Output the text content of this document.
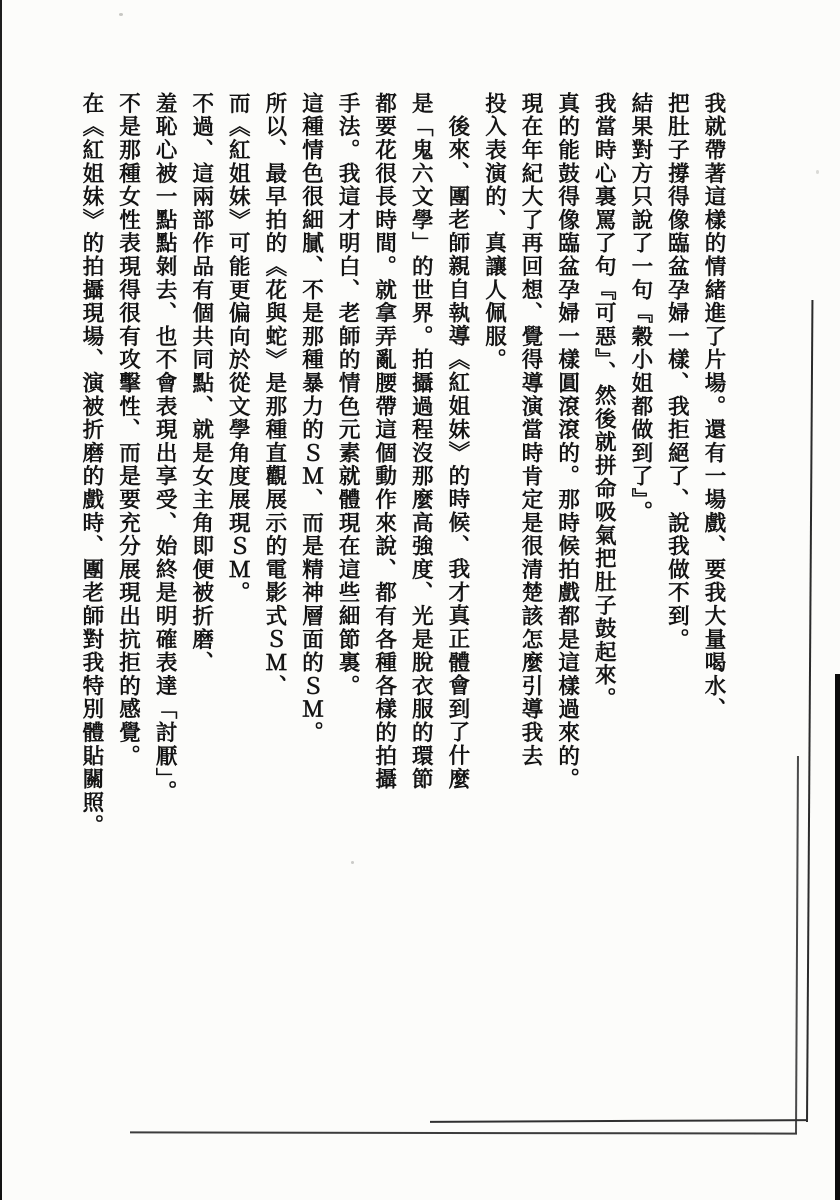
我就帶著這樣的情緒進了片場。還有一場戲、要我大量喝水、
把肚子撐得像臨盆孕婦一樣、我拒絕了、說我做不到。
結果對方只說了一句『穀小姐都做到了』。
我當時心裏罵了句『可惡』、然後就拼命吸氣把肚子鼓起來。
真的能鼓得像臨盆孕婦一樣圓滾滾的。那時候拍戲都是這樣過來的。
現在年紀大了再回想、覺得導演當時肯定是很清楚該怎麼引導我去
投入表演的、真讓人佩服。
後來、團老師親自執導《紅姐妹》的時候、我才真正體會到了什麼
是「鬼六文學」的世界。拍攝過程沒那麼高強度、光是脫衣服的環節
都要花很長時間。就拿弄亂腰帶這個動作來說、都有各種各樣的拍攝
手法。我這才明白、老師的情色元素就體現在這些細節裏。
這種情色很細膩、不是那種暴力的ＳＭ、而是精神層面的ＳＭ。
所以、最早拍的《花與蛇》是那種直觀展示的電影式ＳＭ、
而《紅姐妹》可能更偏向於從文學角度展現ＳＭ。
不過、這兩部作品有個共同點、就是女主角即便被折磨、
羞恥心被一點點剝去、也不會表現出享受、始終是明確表達「討厭」。
不是那種女性表現得很有攻擊性、而是要充分展現出抗拒的感覺。
在《紅姐妹》的拍攝現場、演被折磨的戲時、團老師對我特別體貼關照。
